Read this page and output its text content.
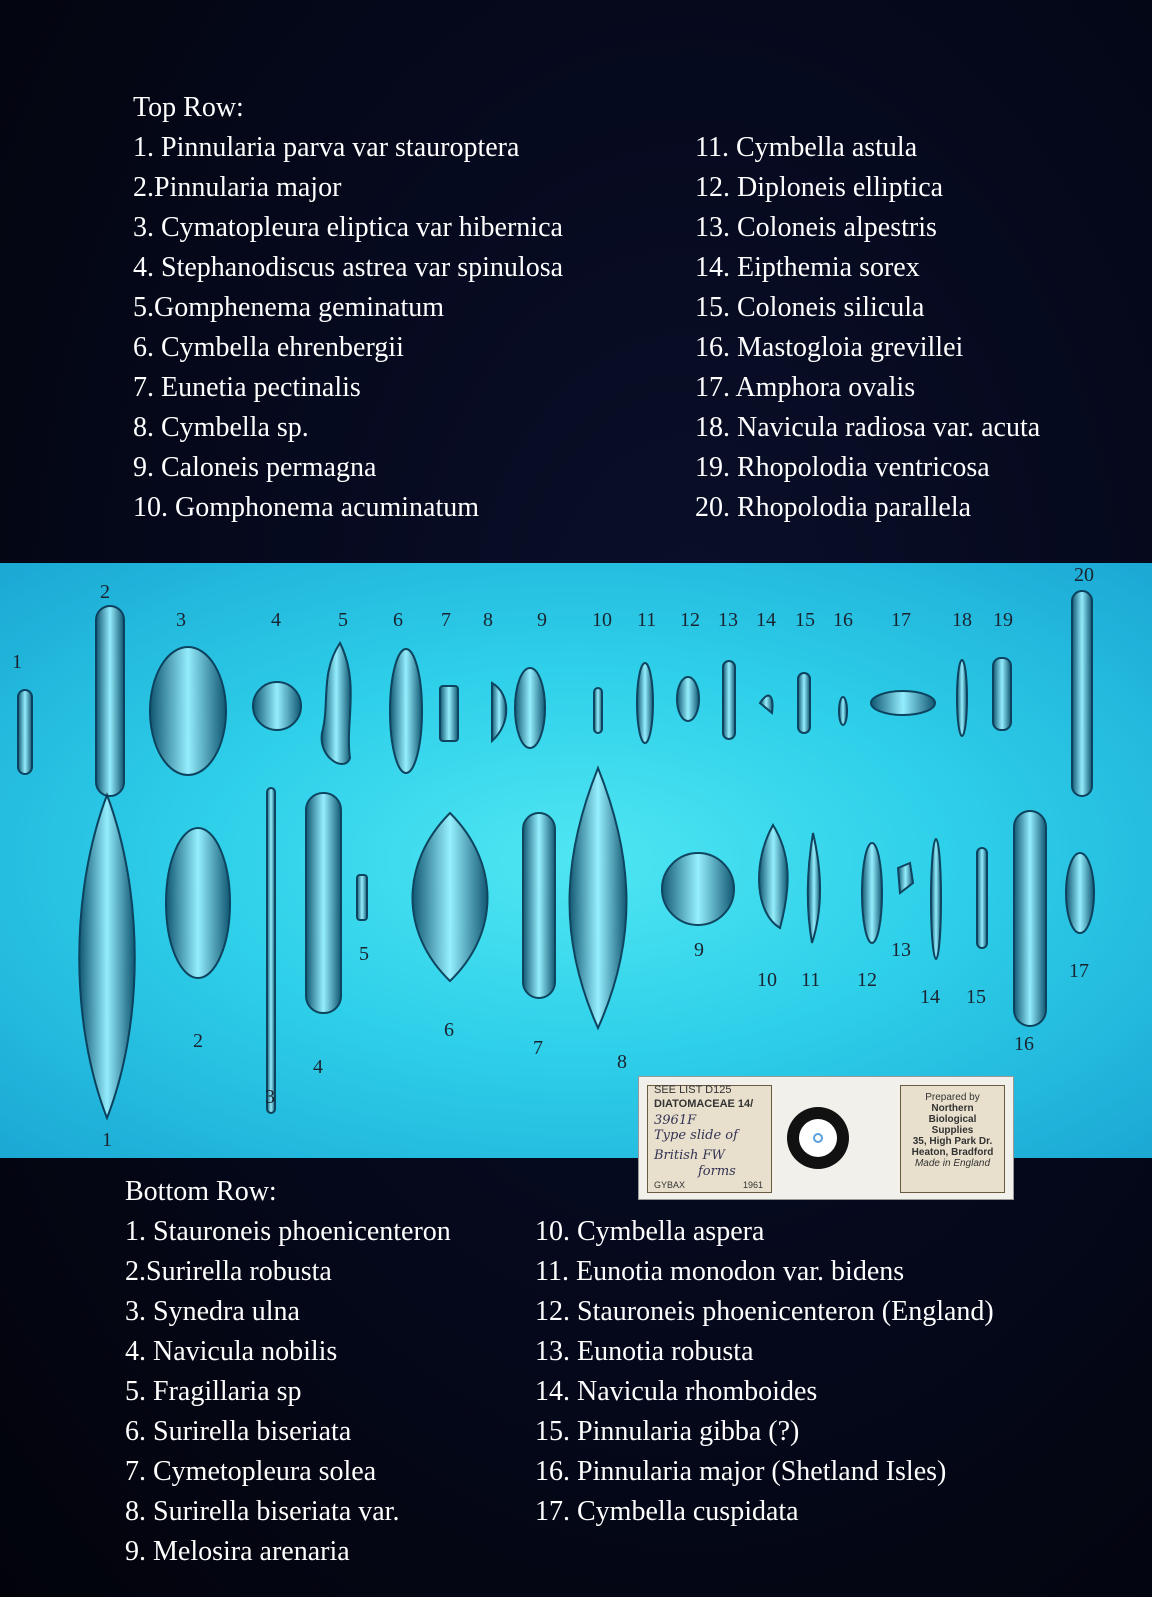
Top Row:
1. Pinnularia parva var stauroptera
2.Pinnularia major
3. Cymatopleura eliptica var hibernica
4. Stephanodiscus astrea var spinulosa
5.Gomphenema geminatum
6. Cymbella ehrenbergii
7. Eunetia pectinalis
8. Cymbella sp.
9. Caloneis permagna
10. Gomphonema acuminatum
11. Cymbella astula
12. Diploneis elliptica
13. Coloneis alpestris
14. Eipthemia sorex
15. Coloneis silicula
16. Mastogloia grevillei
17. Amphora ovalis
18. Navicula radiosa var. acuta
19. Rhopolodia ventricosa
20. Rhopolodia parallela
1
2
3	4	5 6 7 8 9 10 11 12 13 14 15 16 17 18 19
20
1
2
3
4
5
6
7
8
9
10 11 12
13
14 15
16
17
SEE LIST D125
DIATOMACEAE 14/
3961F
Type slide of
British FW
forms
GYBAX	1961
Prepared by
Northern
Biological
Supplies
35, High Park Dr.
Heaton, Bradford
Made in England
Bottom Row:
1. Stauroneis phoenicenteron
2.Surirella robusta
3. Synedra ulna
4. Navicula nobilis
5. Fragillaria sp
6. Surirella biseriata
7. Cymetopleura solea
8. Surirella biseriata var.
9. Melosira arenaria
10. Cymbella aspera
11. Eunotia monodon var. bidens
12. Stauroneis phoenicenteron (England)
13. Eunotia robusta
14. Navicula rhomboides
15. Pinnularia gibba (?)
16. Pinnularia major (Shetland Isles)
17. Cymbella cuspidata
